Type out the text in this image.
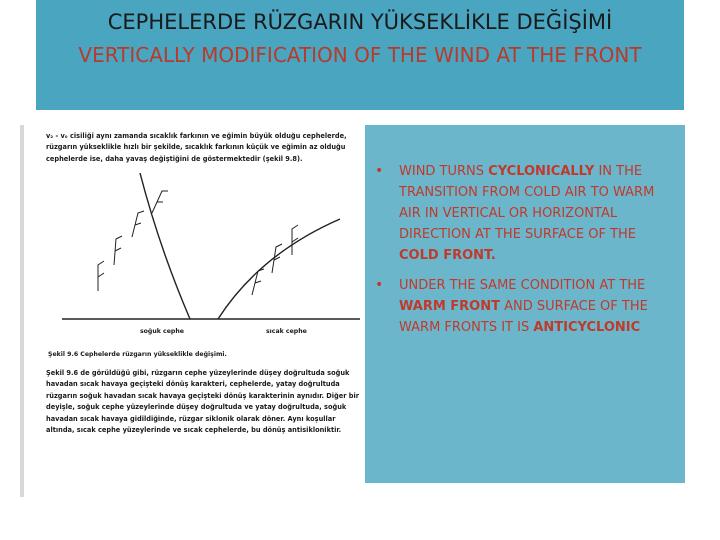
CEPHELERDE RÜZGARIN YÜKSEKLİKLE DEĞİŞİMİ
VERTICALLY MODIFICATION OF THE WIND AT THE FRONT
v₂ - v₀ cisiliği aynı zamanda sıcaklık farkının ve eğimin büyük olduğu cephelerde, rüzgarın yükseklikle hızlı bir şekilde, sıcaklık farkının küçük ve eğimin az olduğu cephelerde ise, daha yavaş değiştiğini de göstermektedir (şekil 9.8).
soğuk cephe	sıcak cephe
Şekil 9.6 Cephelerde rüzgarın yükseklikle değişimi.
Şekil 9.6 de görüldüğü gibi, rüzgarın cephe yüzeylerinde düşey doğrultuda soğuk havadan sıcak havaya geçişteki dönüş karakteri, cephelerde, yatay doğrultuda rüzgarın soğuk havadan sıcak havaya geçişteki dönüş karakterinin aynıdır. Diğer bir deyişle, soğuk cephe yüzeylerinde düşey doğrultuda ve yatay doğrultuda, soğuk havadan sıcak havaya gidildiğinde, rüzgar siklonik olarak döner. Aynı koşullar altında, sıcak cephe yüzeylerinde ve sıcak cephelerde, bu dönüş antisikloniktir.
• WIND TURNS CYCLONICALLY IN THE TRANSITION FROM COLD AIR TO WARM AIR IN VERTICAL OR HORIZONTAL DIRECTION AT THE SURFACE OF THE COLD FRONT.
• UNDER THE SAME CONDITION AT THE WARM FRONT AND SURFACE OF THE WARM FRONTS IT IS ANTICYCLONIC
